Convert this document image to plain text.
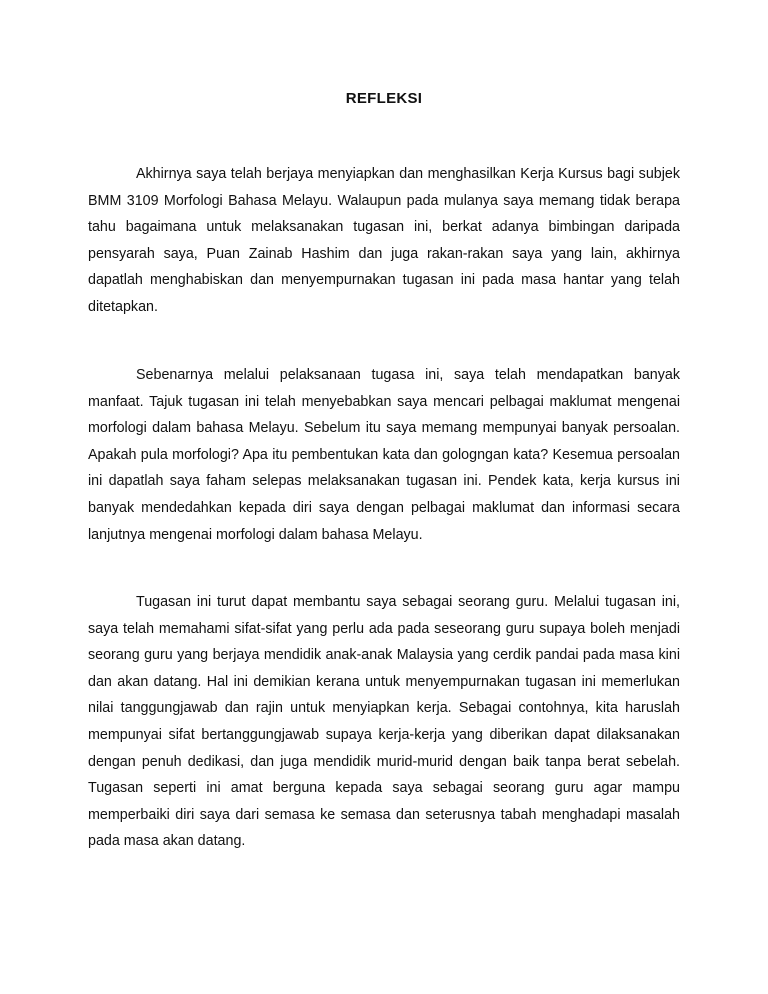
REFLEKSI

Akhirnya saya telah berjaya menyiapkan dan menghasilkan Kerja Kursus bagi subjek BMM 3109 Morfologi Bahasa Melayu. Walaupun pada mulanya saya memang tidak berapa tahu bagaimana untuk melaksanakan tugasan ini, berkat adanya bimbingan daripada pensyarah saya, Puan Zainab Hashim dan juga rakan-rakan saya yang lain, akhirnya dapatlah menghabiskan dan menyempurnakan tugasan ini pada masa hantar yang telah ditetapkan.

Sebenarnya melalui pelaksanaan tugasa ini, saya telah mendapatkan banyak manfaat. Tajuk tugasan ini telah menyebabkan saya mencari pelbagai maklumat mengenai morfologi dalam bahasa Melayu. Sebelum itu saya memang mempunyai banyak persoalan. Apakah pula morfologi? Apa itu pembentukan kata dan gologngan kata? Kesemua persoalan ini dapatlah saya faham selepas melaksanakan tugasan ini. Pendek kata, kerja kursus ini banyak mendedahkan kepada diri saya dengan pelbagai maklumat dan informasi secara lanjutnya mengenai morfologi dalam bahasa Melayu.

Tugasan ini turut dapat membantu saya sebagai seorang guru. Melalui tugasan ini, saya telah memahami sifat-sifat yang perlu ada pada seseorang guru supaya boleh menjadi seorang guru yang berjaya mendidik anak-anak Malaysia yang cerdik pandai pada masa kini dan akan datang. Hal ini demikian kerana untuk menyempurnakan tugasan ini memerlukan nilai tanggungjawab dan rajin untuk menyiapkan kerja. Sebagai contohnya, kita haruslah mempunyai sifat bertanggungjawab supaya kerja-kerja yang diberikan dapat dilaksanakan dengan penuh dedikasi, dan juga mendidik murid-murid dengan baik tanpa berat sebelah. Tugasan seperti ini amat berguna kepada saya sebagai seorang guru agar mampu memperbaiki diri saya dari semasa ke semasa dan seterusnya tabah menghadapi masalah pada masa akan datang.
